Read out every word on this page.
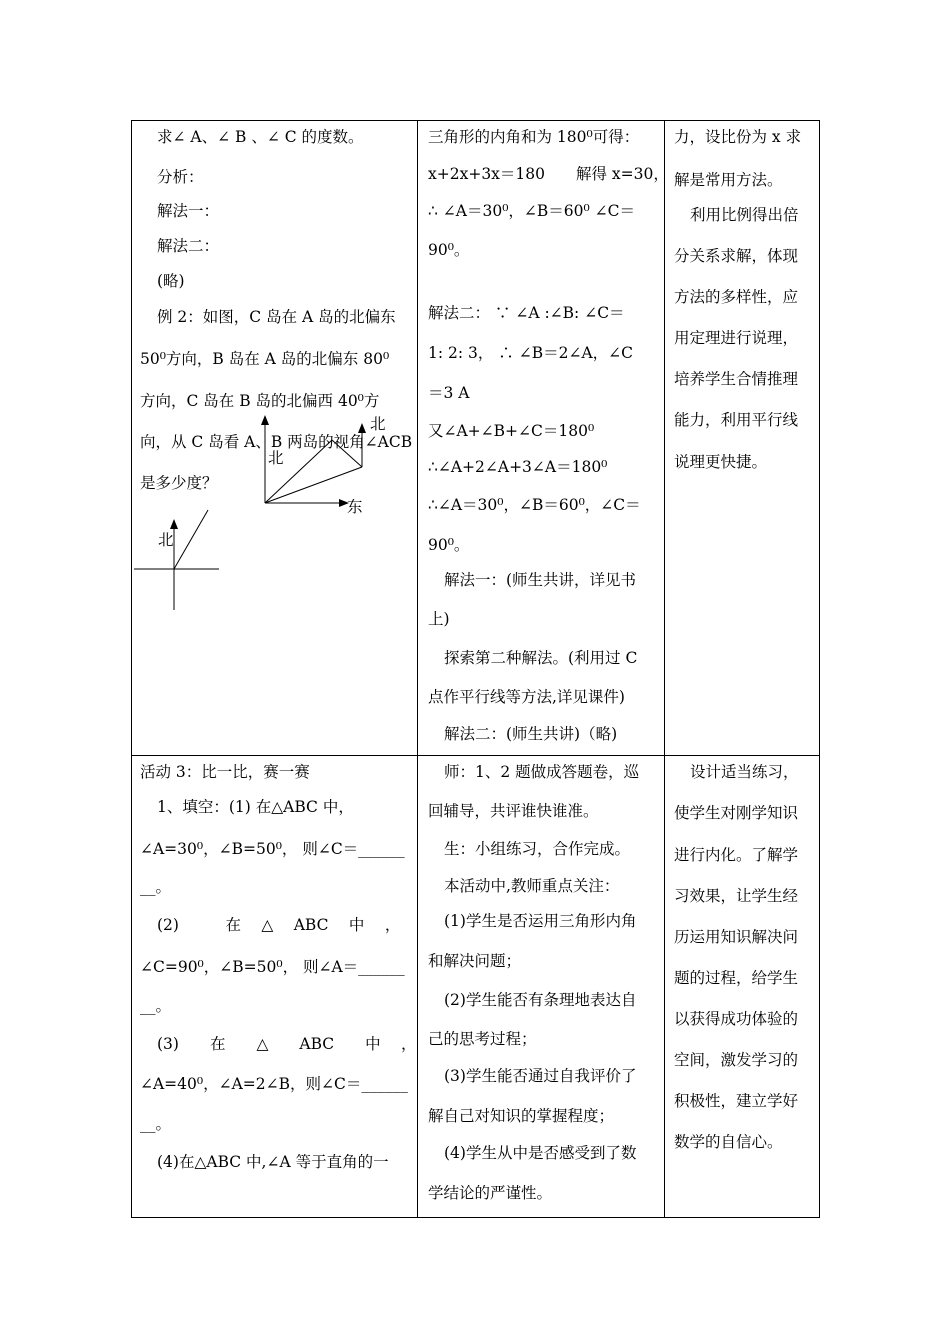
求∠ A、∠ B 、∠ C 的度数。
分析：
解法一：
解法二：
(略)
例 2：如图，C 岛在 A 岛的北偏东
50⁰方向，B 岛在 A 岛的北偏东 80⁰
方向，C 岛在 B 岛的北偏西 40⁰方
向，从 C 岛看 A、B 两岛的视角∠ACB
是多少度？
北
北
东
北
三角形的内角和为 180⁰可得：
x+2x+3x＝180　　解得 x=30，
∴ ∠A＝30⁰，∠B＝60⁰ ∠C＝
90⁰。
解法二： ∵ ∠A :∠B: ∠C＝
1: 2: 3， ∴ ∠B＝2∠A，∠C
＝3 A
又∠A+∠B+∠C＝180⁰
∴∠A+2∠A+3∠A＝180⁰
∴∠A＝30⁰，∠B＝60⁰，∠C＝
90⁰。
解法一：(师生共讲，详见书
上)
探索第二种解法。(利用过 C
点作平行线等方法,详见课件)
解法二：(师生共讲)（略)
力，设比份为 x 求
解是常用方法。
利用比例得出倍
分关系求解，体现
方法的多样性，应
用定理进行说理，
培养学生合情推理
能力，利用平行线
说理更快捷。
活动 3：比一比，赛一赛
1、填空：(1) 在△ABC 中，
∠A=30⁰，∠B=50⁰， 则∠C＝______
__。
(2)　　　在　 △　 ABC　 中　 ，
∠C=90⁰，∠B=50⁰， 则∠A＝______
__。
(3)　　在　　△　　ABC　　中　 ，
∠A=40⁰，∠A=2∠B，则∠C＝______
__。
(4)在△ABC 中,∠A 等于直角的一
师：1、2 题做成答题卷，巡
回辅导，共评谁快谁准。
生：小组练习，合作完成。
本活动中,教师重点关注：
(1)学生是否运用三角形内角
和解决问题；
(2)学生能否有条理地表达自
己的思考过程；
(3)学生能否通过自我评价了
解自己对知识的掌握程度；
(4)学生从中是否感受到了数
学结论的严谨性。
设计适当练习，
使学生对刚学知识
进行内化。了解学
习效果，让学生经
历运用知识解决问
题的过程，给学生
以获得成功体验的
空间，激发学习的
积极性，建立学好
数学的自信心。
